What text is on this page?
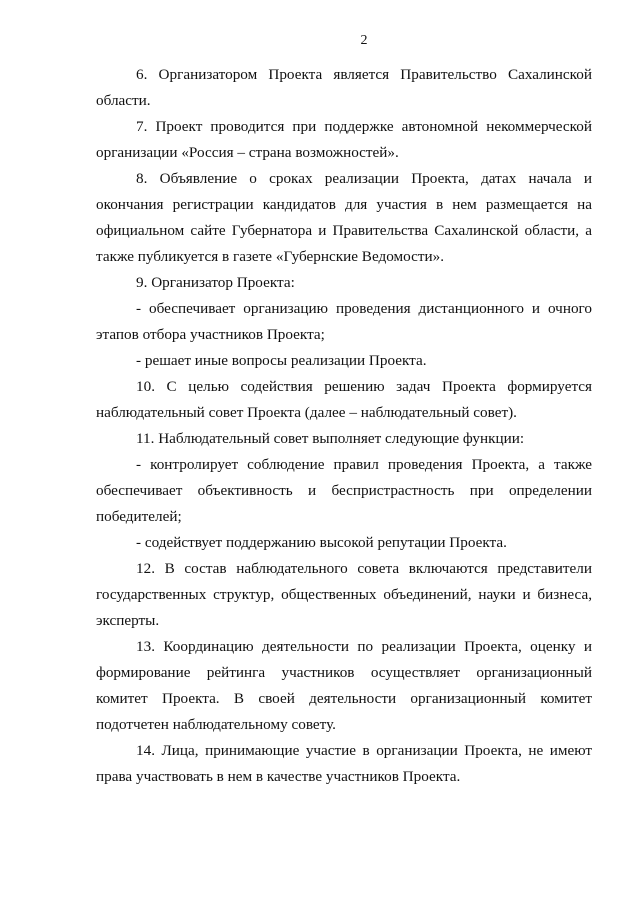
2

6. Организатором Проекта является Правительство Сахалинской области.

7. Проект проводится при поддержке автономной некоммерческой организации «Россия – страна возможностей».

8. Объявление о сроках реализации Проекта, датах начала и окончания регистрации кандидатов для участия в нем размещается на официальном сайте Губернатора и Правительства Сахалинской области, а также публикуется в газете «Губернские Ведомости».

9. Организатор Проекта:

- обеспечивает организацию проведения дистанционного и очного этапов отбора участников Проекта;

- решает иные вопросы реализации Проекта.

10. С целью содействия решению задач Проекта формируется наблюдательный совет Проекта (далее – наблюдательный совет).

11. Наблюдательный совет выполняет следующие функции:

- контролирует соблюдение правил проведения Проекта, а также обеспечивает объективность и беспристрастность при определении победителей;

- содействует поддержанию высокой репутации Проекта.

12. В состав наблюдательного совета включаются представители государственных структур, общественных объединений, науки и бизнеса, эксперты.

13. Координацию деятельности по реализации Проекта, оценку и формирование рейтинга участников осуществляет организационный комитет Проекта. В своей деятельности организационный комитет подотчетен наблюдательному совету.

14. Лица, принимающие участие в организации Проекта, не имеют права участвовать в нем в качестве участников Проекта.
